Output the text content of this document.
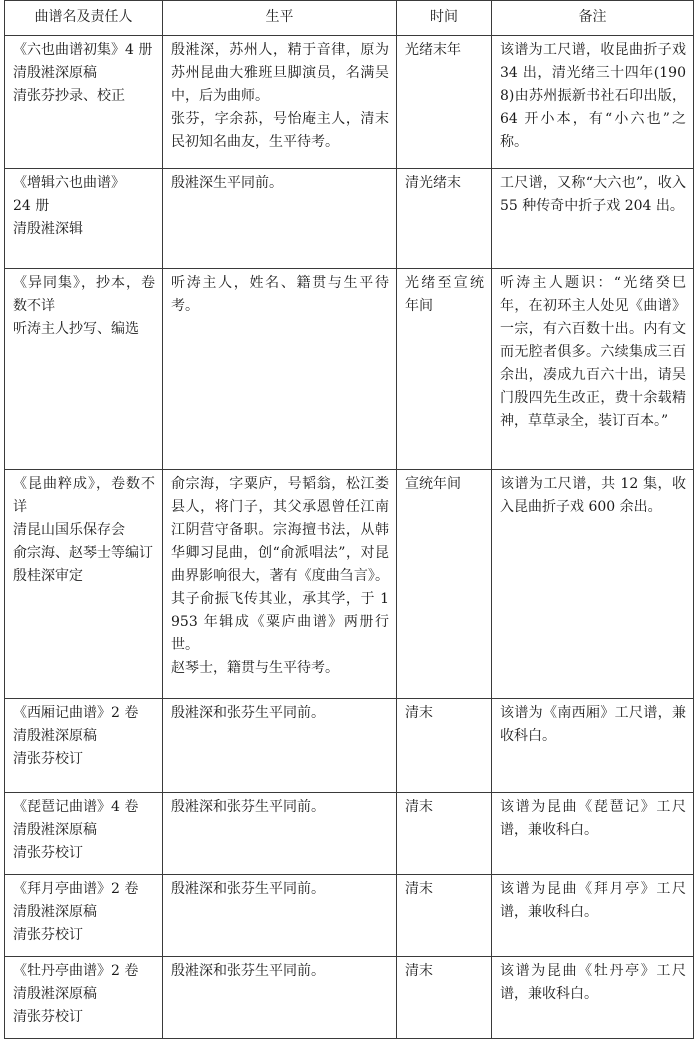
曲谱名及责任人	生平	时间	备注

《六也曲谱初集》4 册
清殷溎深原稿
清张芬抄录、校正	殷溎深，苏州人，精于音律，原为苏州昆曲大雅班旦脚演员，名满吴中，后为曲师。
张芬，字余荪，号怡庵主人，清末民初知名曲友，生平待考。	光绪末年	该谱为工尺谱，收昆曲折子戏 34 出，清光绪三十四年(1908)由苏州振新书社石印出版，64 开小本，有“小六也”之称。

《增辑六也曲谱》
24 册
清殷溎深辑	殷溎深生平同前。	清光绪末	工尺谱，又称“大六也”，收入 55 种传奇中折子戏 204 出。

《异同集》，抄本，卷数不详
听涛主人抄写、编选	听涛主人，姓名、籍贯与生平待考。	光绪至宣统年间	听涛主人题识：“光绪癸巳年，在初环主人处见《曲谱》一宗，有六百数十出。内有文而无腔者俱多。六续集成三百余出，凑成九百六十出，请吴门殷四先生改正，费十余载精神，草草录全，装订百本。”

《昆曲粹成》，卷数不详
清昆山国乐保存会
俞宗海、赵琴士等编订
殷桂深审定	俞宗海，字粟庐，号韬翁，松江娄县人，将门子，其父承恩曾任江南江阴营守备职。宗海擅书法，从韩华卿习昆曲，创“俞派唱法”，对昆曲界影响很大，著有《度曲刍言》。其子俞振飞传其业，承其学，于 1953 年辑成《粟庐曲谱》两册行世。
赵琴士，籍贯与生平待考。	宣统年间	该谱为工尺谱，共 12 集，收入昆曲折子戏 600 余出。

《西厢记曲谱》2 卷
清殷溎深原稿
清张芬校订	殷溎深和张芬生平同前。	清末	该谱为《南西厢》工尺谱，兼收科白。

《琵琶记曲谱》4 卷
清殷溎深原稿
清张芬校订	殷溎深和张芬生平同前。	清末	该谱为昆曲《琵琶记》工尺谱，兼收科白。

《拜月亭曲谱》2 卷
清殷溎深原稿
清张芬校订	殷溎深和张芬生平同前。	清末	该谱为昆曲《拜月亭》工尺谱，兼收科白。

《牡丹亭曲谱》2 卷
清殷溎深原稿
清张芬校订	殷溎深和张芬生平同前。	清末	该谱为昆曲《牡丹亭》工尺谱，兼收科白。
